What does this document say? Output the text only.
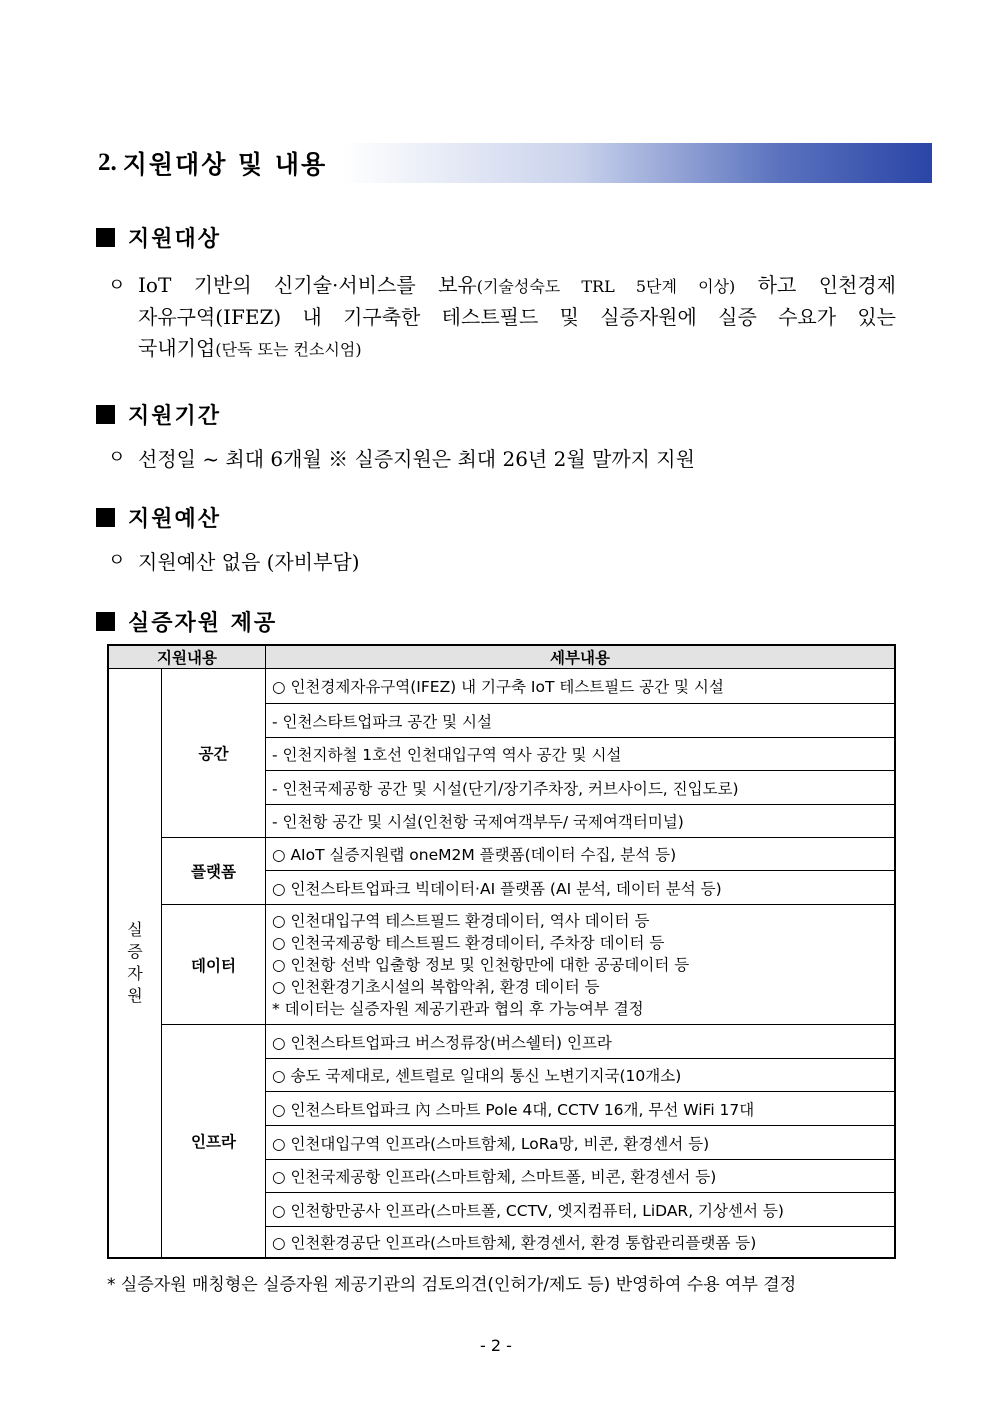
2. 지원대상 및 내용
지원대상
ㅇ IoT 기반의 신기술·서비스를 보유(기술성숙도 TRL 5단계 이상) 하고 인천경제
자유구역(IFEZ) 내 기구축한 테스트필드 및 실증자원에 실증 수요가 있는
국내기업(단독 또는 컨소시엄)
지원기간
ㅇ 선정일 ~ 최대 6개월 ※ 실증지원은 최대 26년 2월 말까지 지원
지원예산
ㅇ 지원예산 없음 (자비부담)
실증자원 제공
지원내용	세부내용
실
증
자
원
공간
○ 인천경제자유구역(IFEZ) 내 기구축 IoT 테스트필드 공간 및 시설
- 인천스타트업파크 공간 및 시설
- 인천지하철 1호선 인천대입구역 역사 공간 및 시설
- 인천국제공항 공간 및 시설(단기/장기주차장, 커브사이드, 진입도로)
- 인천항 공간 및 시설(인천항 국제여객부두/ 국제여객터미널)
플랫폼
○ AIoT 실증지원랩 oneM2M 플랫폼(데이터 수집, 분석 등)
○ 인천스타트업파크 빅데이터·AI 플랫폼 (AI 분석, 데이터 분석 등)
데이터
○ 인천대입구역 테스트필드 환경데이터, 역사 데이터 등
○ 인천국제공항 테스트필드 환경데이터, 주차장 데이터 등
○ 인천항 선박 입출항 정보 및 인천항만에 대한 공공데이터 등
○ 인천환경기초시설의 복합악취, 환경 데이터 등
* 데이터는 실증자원 제공기관과 협의 후 가능여부 결정
인프라
○ 인천스타트업파크 버스정류장(버스쉘터) 인프라
○ 송도 국제대로, 센트럴로 일대의 통신 노변기지국(10개소)
○ 인천스타트업파크 內 스마트 Pole 4대, CCTV 16개, 무선 WiFi 17대
○ 인천대입구역 인프라(스마트함체, LoRa망, 비콘, 환경센서 등)
○ 인천국제공항 인프라(스마트함체, 스마트폴, 비콘, 환경센서 등)
○ 인천항만공사 인프라(스마트폴, CCTV, 엣지컴퓨터, LiDAR, 기상센서 등)
○ 인천환경공단 인프라(스마트함체, 환경센서, 환경 통합관리플랫폼 등)
* 실증자원 매칭형은 실증자원 제공기관의 검토의견(인허가/제도 등) 반영하여 수용 여부 결정
- 2 -
